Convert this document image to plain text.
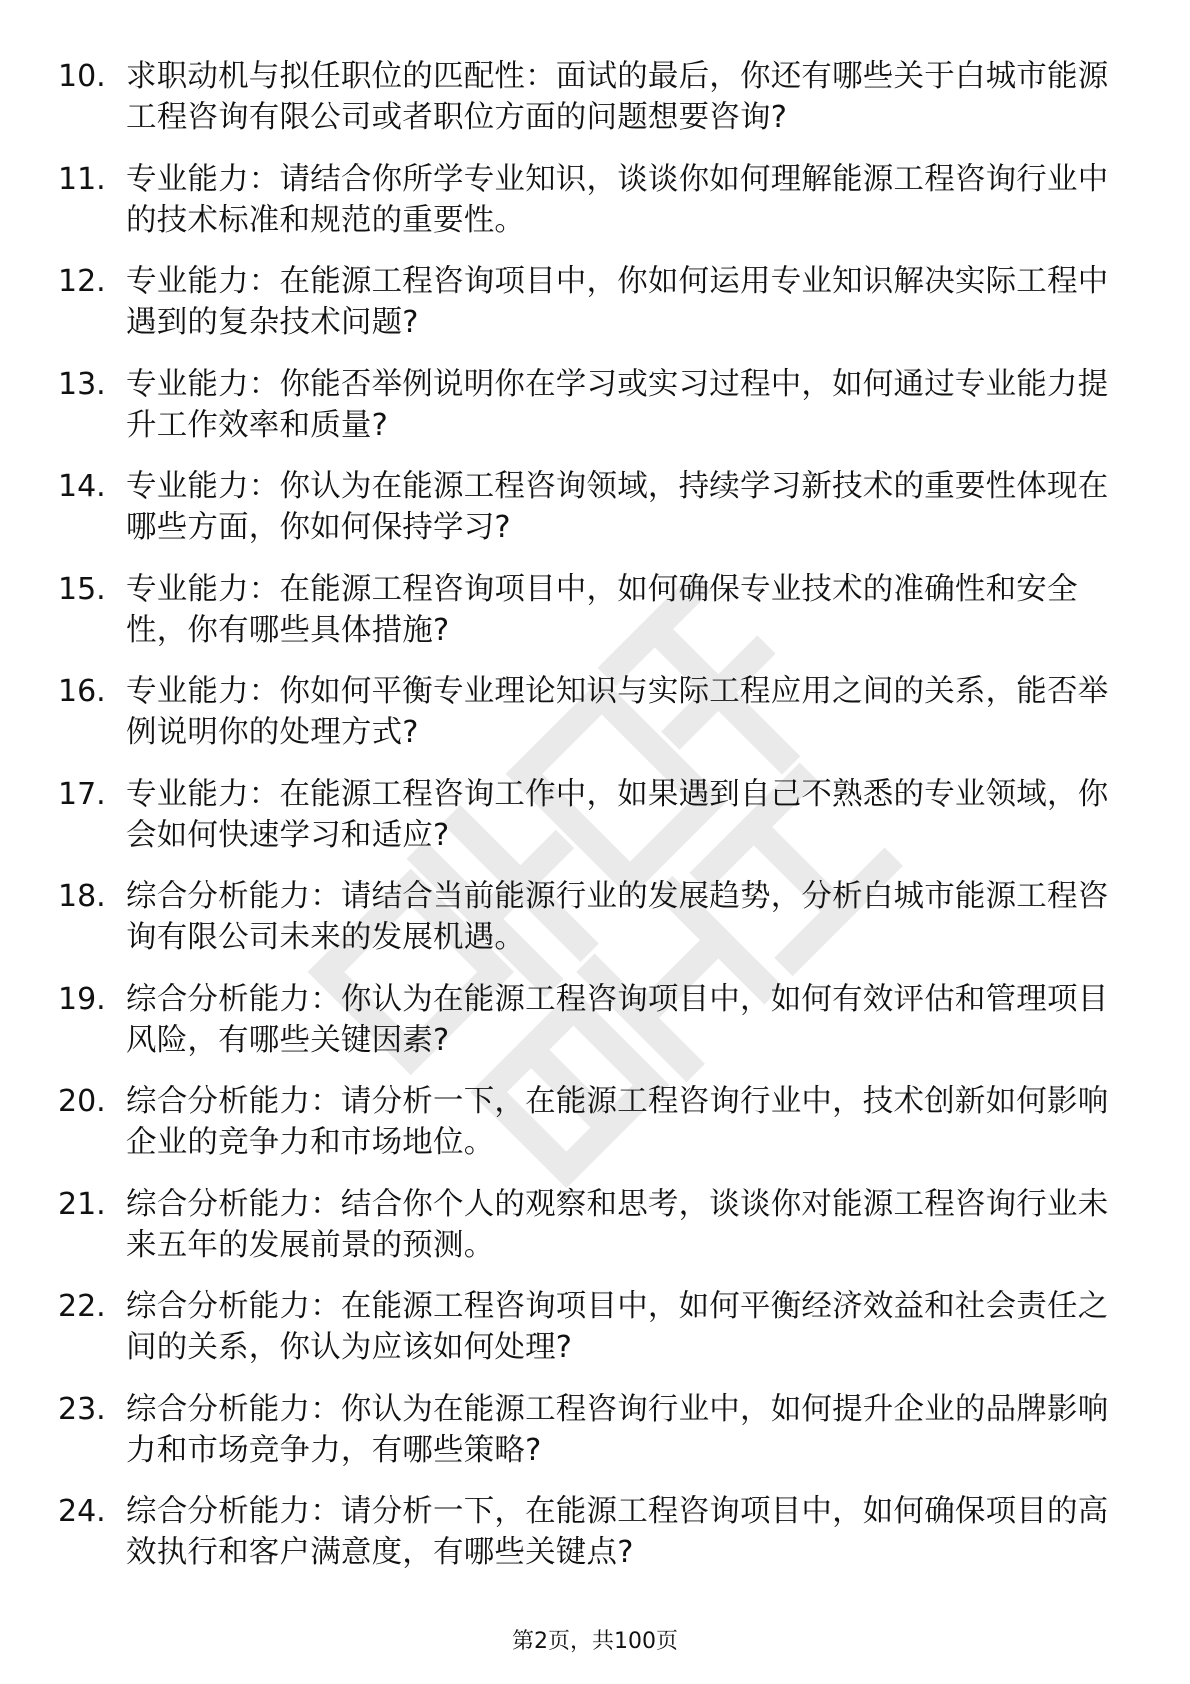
10. 求职动机与拟任职位的匹配性：面试的最后，你还有哪些关于白城市能源工程咨询有限公司或者职位方面的问题想要咨询?
11. 专业能力：请结合你所学专业知识，谈谈你如何理解能源工程咨询行业中的技术标准和规范的重要性。
12. 专业能力：在能源工程咨询项目中，你如何运用专业知识解决实际工程中遇到的复杂技术问题?
13. 专业能力：你能否举例说明你在学习或实习过程中，如何通过专业能力提升工作效率和质量?
14. 专业能力：你认为在能源工程咨询领域，持续学习新技术的重要性体现在哪些方面，你如何保持学习?
15. 专业能力：在能源工程咨询项目中，如何确保专业技术的准确性和安全性，你有哪些具体措施?
16. 专业能力：你如何平衡专业理论知识与实际工程应用之间的关系，能否举例说明你的处理方式?
17. 专业能力：在能源工程咨询工作中，如果遇到自己不熟悉的专业领域，你会如何快速学习和适应?
18. 综合分析能力：请结合当前能源行业的发展趋势，分析白城市能源工程咨询有限公司未来的发展机遇。
19. 综合分析能力：你认为在能源工程咨询项目中，如何有效评估和管理项目风险，有哪些关键因素?
20. 综合分析能力：请分析一下，在能源工程咨询行业中，技术创新如何影响企业的竞争力和市场地位。
21. 综合分析能力：结合你个人的观察和思考，谈谈你对能源工程咨询行业未来五年的发展前景的预测。
22. 综合分析能力：在能源工程咨询项目中，如何平衡经济效益和社会责任之间的关系，你认为应该如何处理?
23. 综合分析能力：你认为在能源工程咨询行业中，如何提升企业的品牌影响力和市场竞争力，有哪些策略?
24. 综合分析能力：请分析一下，在能源工程咨询项目中，如何确保项目的高效执行和客户满意度，有哪些关键点?
第2页，共100页
